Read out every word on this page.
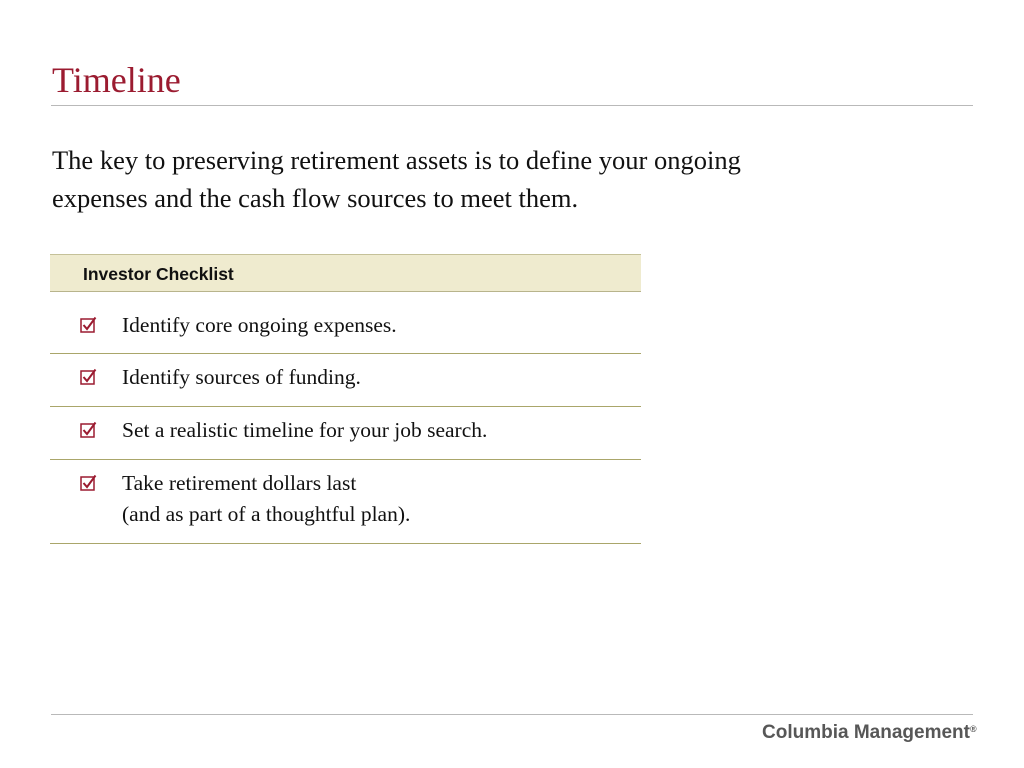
Timeline
The key to preserving retirement assets is to define your ongoing
expenses and the cash flow sources to meet them.
Investor Checklist
Identify core ongoing expenses.
Identify sources of funding.
Set a realistic timeline for your job search.
Take retirement dollars last
(and as part of a thoughtful plan).
Columbia Management®
